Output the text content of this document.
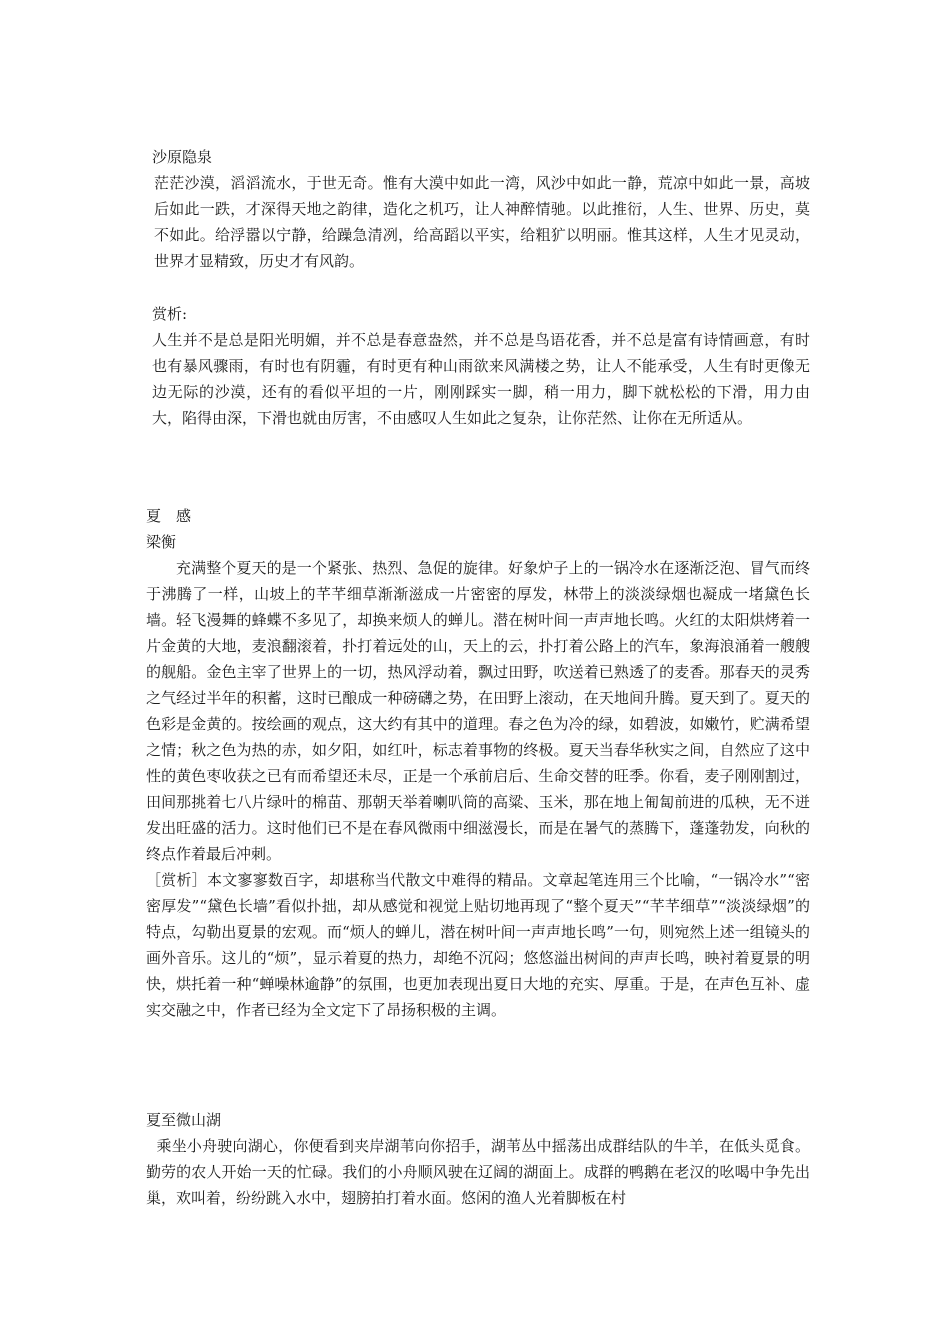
沙原隐泉

茫茫沙漠，滔滔流水，于世无奇。惟有大漠中如此一湾，风沙中如此一静，荒凉中如此一景，高坡后如此一跌，才深得天地之韵律，造化之机巧，让人神醉情驰。以此推衍，人生、世界、历史，莫不如此。给浮嚣以宁静，给躁急清冽，给高蹈以平实，给粗犷以明丽。惟其这样，人生才见灵动，世界才显精致，历史才有风韵。

赏析:

人生并不是总是阳光明媚，并不总是春意盎然，并不总是鸟语花香，并不总是富有诗情画意，有时也有暴风骤雨，有时也有阴霾，有时更有种山雨欲来风满楼之势，让人不能承受，人生有时更像无边无际的沙漠，还有的看似平坦的一片，刚刚踩实一脚，稍一用力，脚下就松松的下滑，用力由大，陷得由深，下滑也就由厉害，不由感叹人生如此之复杂，让你茫然、让你在无所适从。

夏　感

梁衡

充满整个夏天的是一个紧张、热烈、急促的旋律。好象炉子上的一锅冷水在逐渐泛泡、冒气而终于沸腾了一样，山坡上的芊芊细草渐渐滋成一片密密的厚发，林带上的淡淡绿烟也凝成一堵黛色长墙。轻飞漫舞的蜂蝶不多见了，却换来烦人的蝉儿。潜在树叶间一声声地长鸣。火红的太阳烘烤着一片金黄的大地，麦浪翻滚着，扑打着远处的山，天上的云，扑打着公路上的汽车，象海浪涌着一艘艘的舰船。金色主宰了世界上的一切，热风浮动着，飘过田野，吹送着已熟透了的麦香。那春天的灵秀之气经过半年的积蓄，这时已酿成一种磅礴之势，在田野上滚动，在天地间升腾。夏天到了。夏天的色彩是金黄的。按绘画的观点，这大约有其中的道理。春之色为冷的绿，如碧波，如嫩竹，贮满希望之情；秋之色为热的赤，如夕阳，如红叶，标志着事物的终极。夏天当春华秋实之间，自然应了这中性的黄色枣收获之已有而希望还未尽，正是一个承前启后、生命交替的旺季。你看，麦子刚刚割过，田间那挑着七八片绿叶的棉苗、那朝天举着喇叭筒的高粱、玉米，那在地上匍匐前进的瓜秧，无不迸发出旺盛的活力。这时他们已不是在春风微雨中细滋漫长，而是在暑气的蒸腾下，蓬蓬勃发，向秋的终点作着最后冲刺。

［赏析］本文寥寥数百字，却堪称当代散文中难得的精品。文章起笔连用三个比喻，“一锅冷水”“密密厚发”“黛色长墙”看似扑拙，却从感觉和视觉上贴切地再现了“整个夏天”“芊芊细草”“淡淡绿烟”的特点，勾勒出夏景的宏观。而“烦人的蝉儿，潜在树叶间一声声地长鸣”一句，则宛然上述一组镜头的画外音乐。这儿的“烦”，显示着夏的热力，却绝不沉闷；悠悠溢出树间的声声长鸣，映衬着夏景的明快，烘托着一种“蝉噪林逾静”的氛围，也更加表现出夏日大地的充实、厚重。于是，在声色互补、虚实交融之中，作者已经为全文定下了昂扬积极的主调。

夏至微山湖

乘坐小舟驶向湖心，你便看到夹岸湖苇向你招手，湖苇丛中摇荡出成群结队的牛羊，在低头觅食。勤劳的农人开始一天的忙碌。我们的小舟顺风驶在辽阔的湖面上。成群的鸭鹅在老汉的吆喝中争先出巢，欢叫着，纷纷跳入水中，翅膀拍打着水面。悠闲的渔人光着脚板在村
